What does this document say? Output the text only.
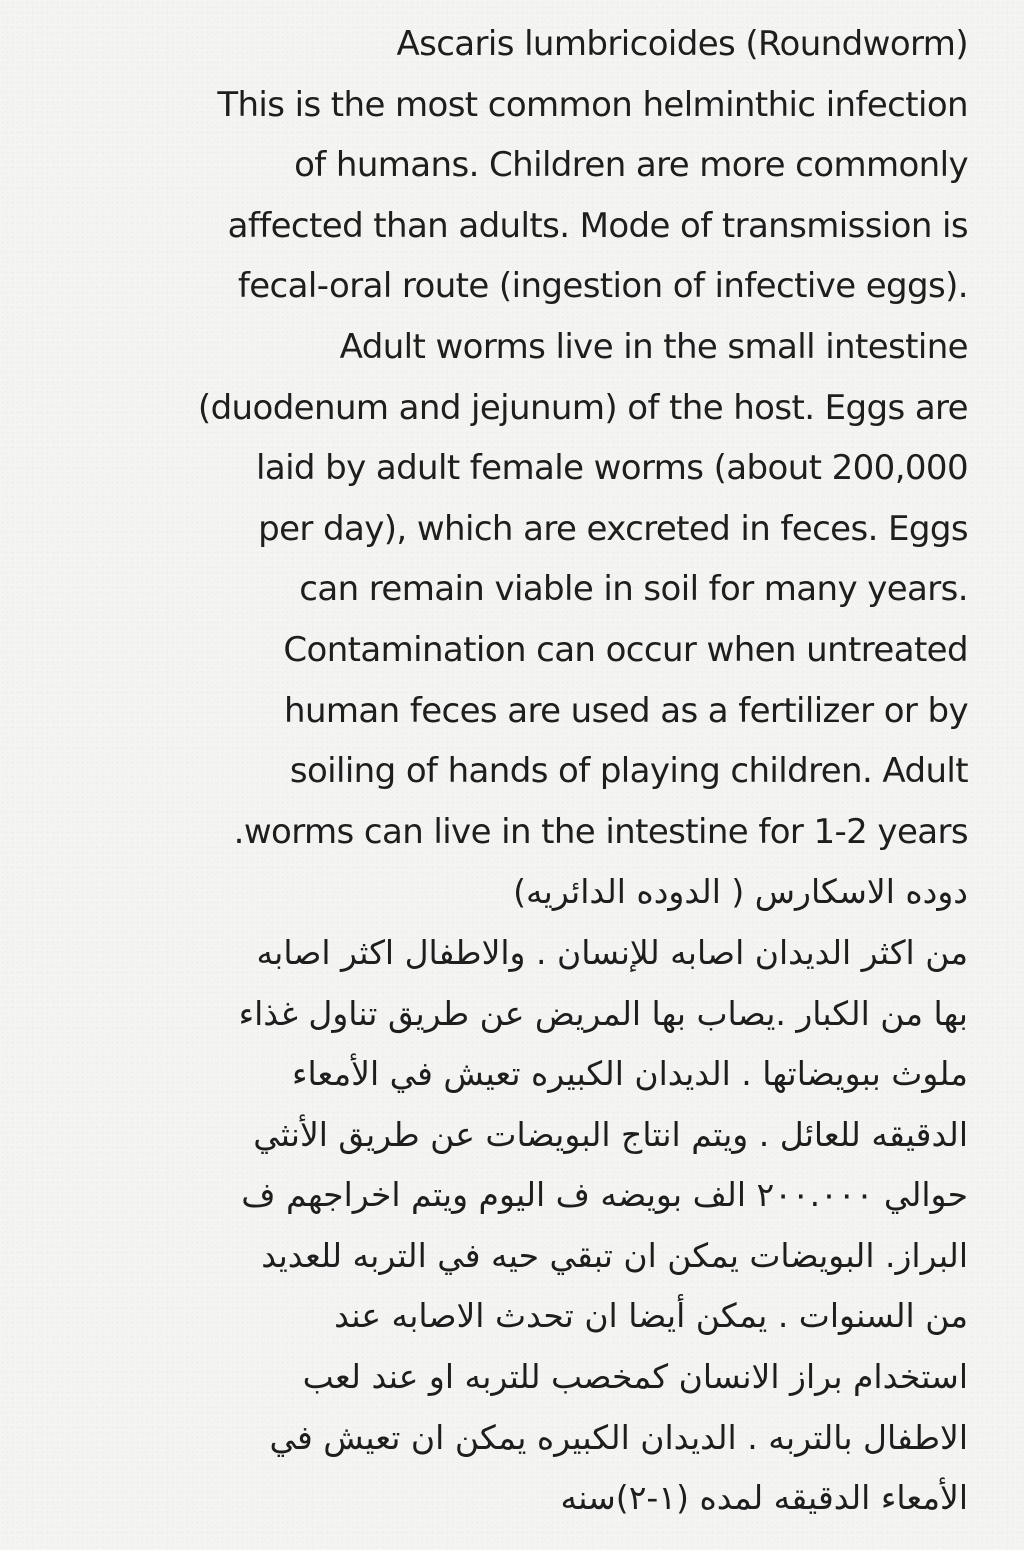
Ascaris lumbricoides (Roundworm)
This is the most common helminthic infection
of humans. Children are more commonly
affected than adults. Mode of transmission is
fecal-oral route (ingestion of infective eggs).
Adult worms live in the small intestine
(duodenum and jejunum) of the host. Eggs are
laid by adult female worms (about 200,000
per day), which are excreted in feces. Eggs
can remain viable in soil for many years.
Contamination can occur when untreated
human feces are used as a fertilizer or by
soiling of hands of playing children. Adult
.worms can live in the intestine for 1-2 years
دوده الاسكارس ( الدوده الدائريه)
من اكثر الديدان اصابه للإنسان . والاطفال اكثر اصابه
بها من الكبار .يصاب بها المريض عن طريق تناول غذاء
ملوث ببويضاتها . الديدان الكبيره تعيش في الأمعاء
الدقيقه للعائل . ويتم انتاج البويضات عن طريق الأنثي
حوالي ٢٠٠.٠٠٠ الف بويضه ف اليوم ويتم اخراجهم ف
البراز. البويضات يمكن ان تبقي حيه في التربه للعديد
من السنوات . يمكن أيضا ان تحدث الاصابه عند
استخدام براز الانسان كمخصب للتربه او عند لعب
الاطفال بالتربه . الديدان الكبيره يمكن ان تعيش في
الأمعاء الدقيقه لمده (١-٢)سنه
